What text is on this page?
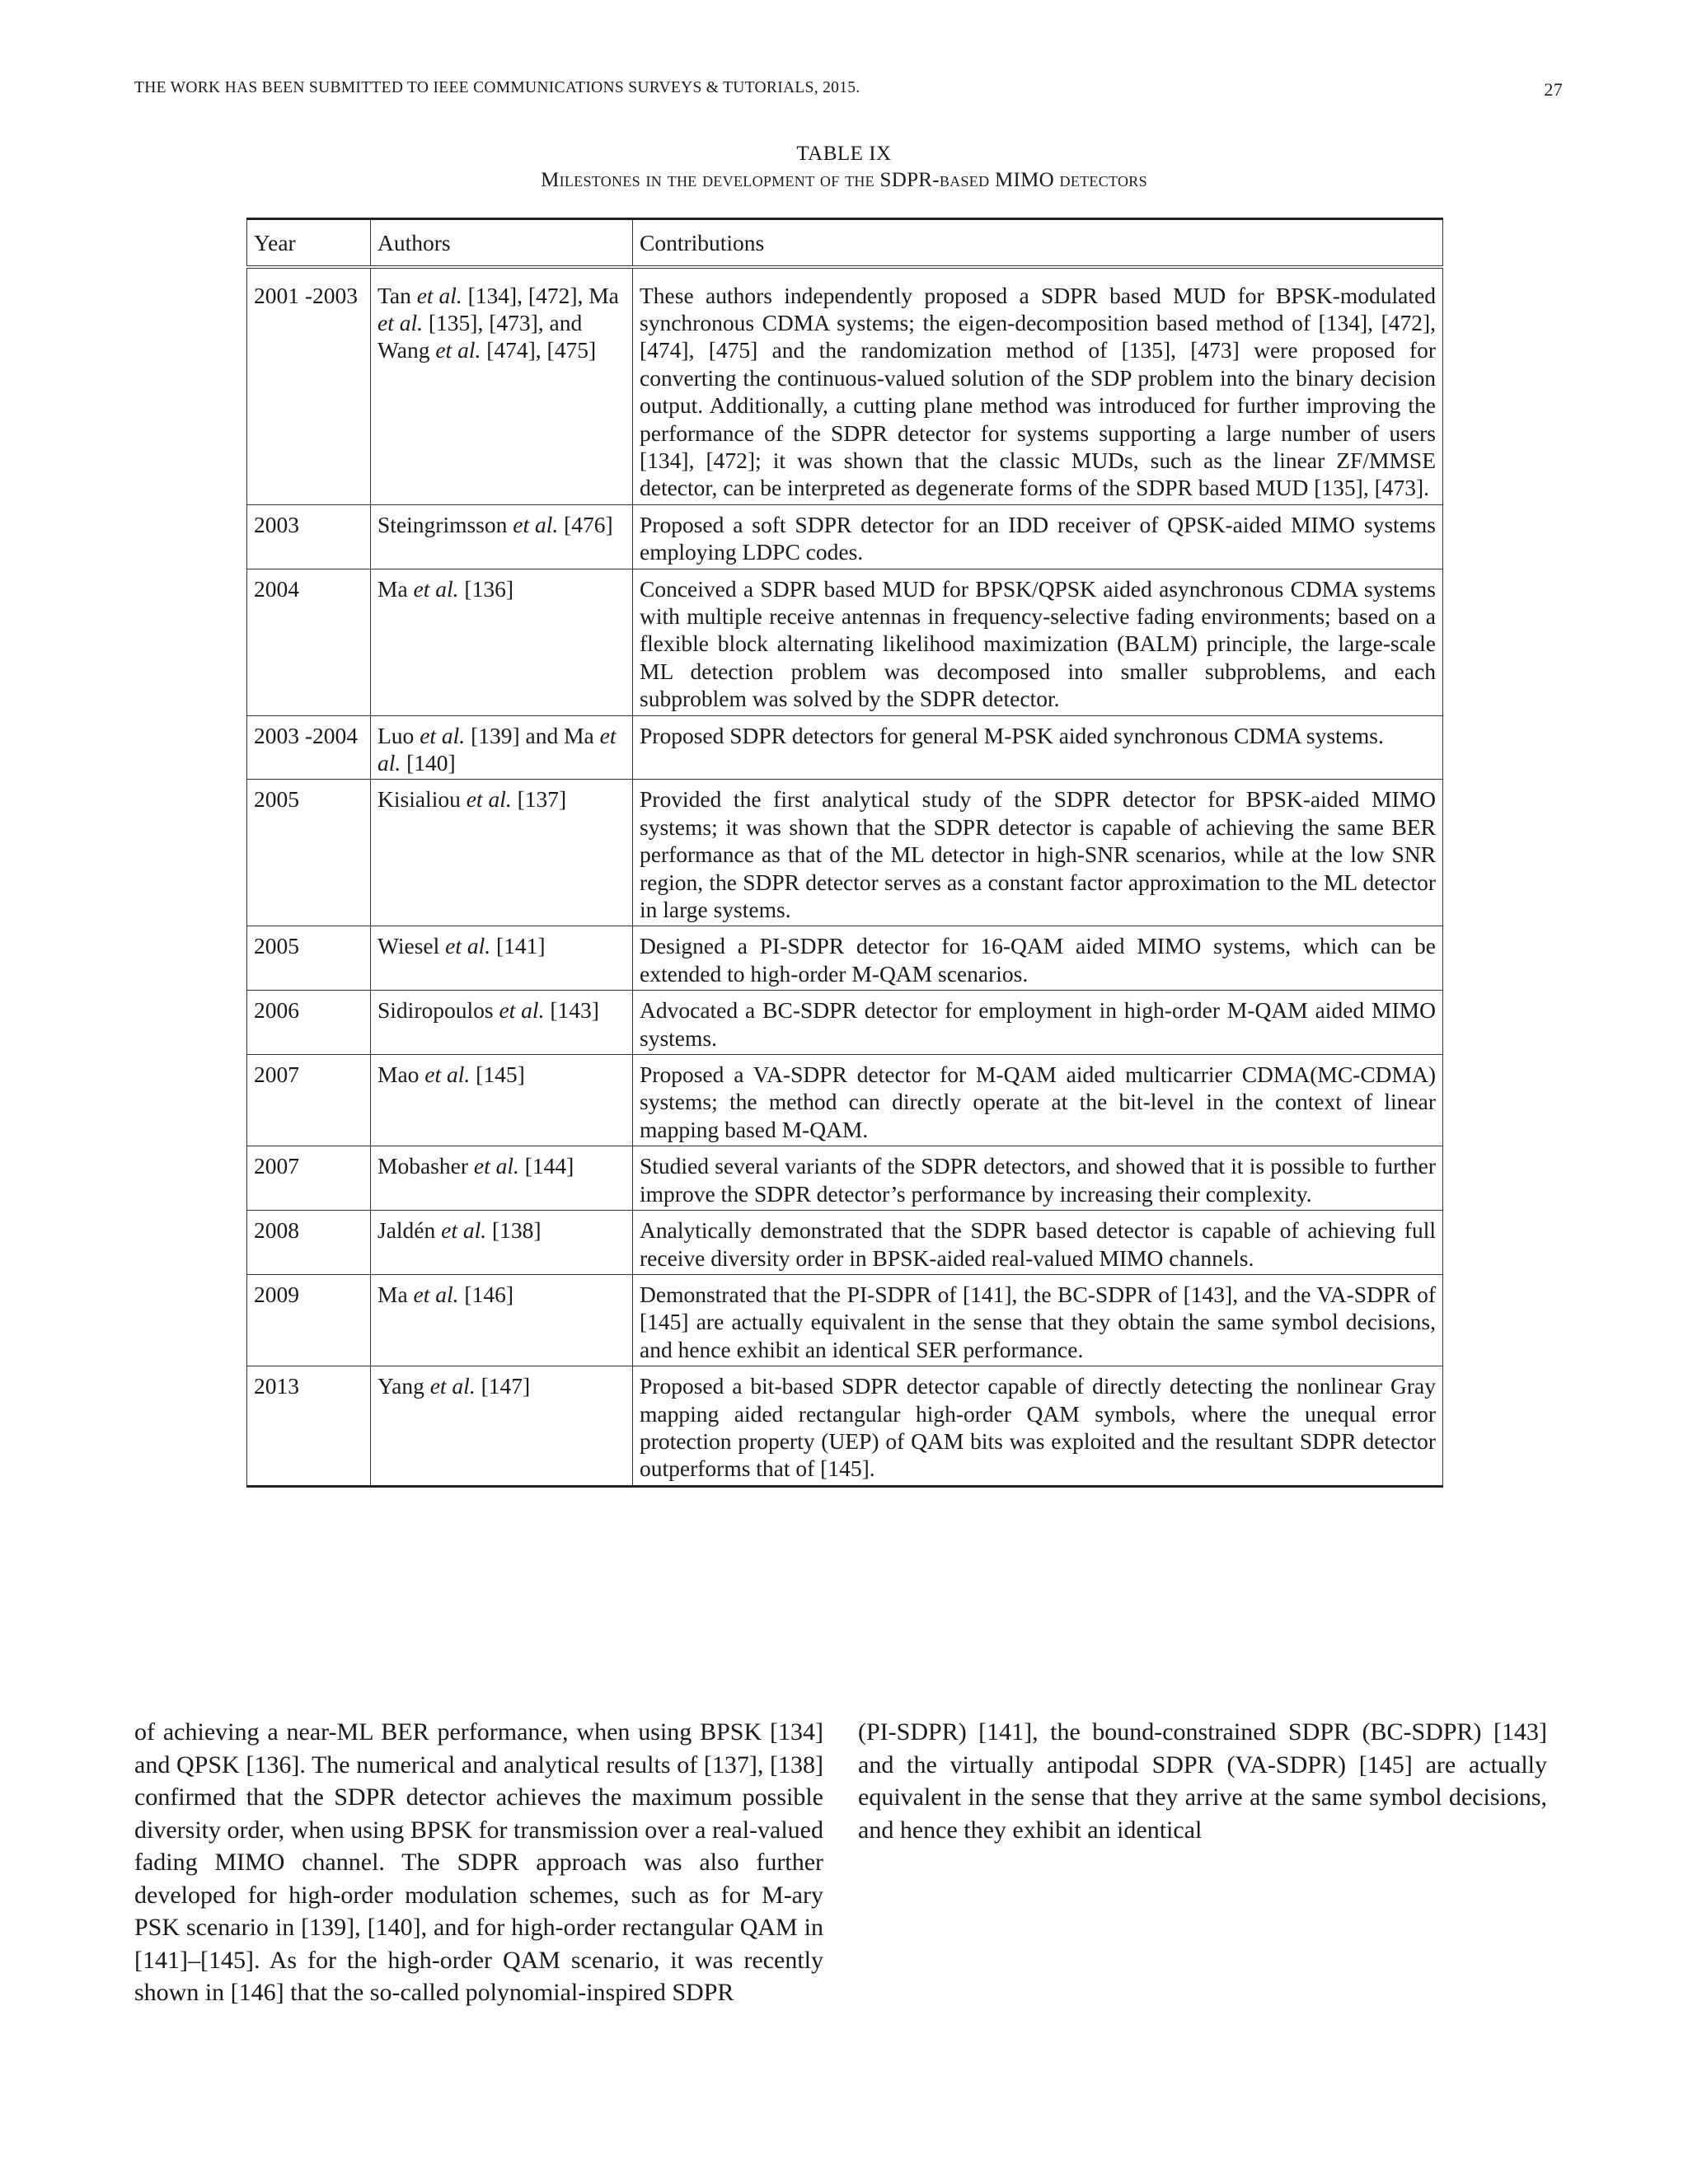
THE WORK HAS BEEN SUBMITTED TO IEEE COMMUNICATIONS SURVEYS & TUTORIALS, 2015.	27
TABLE IX
Milestones in the development of the SDPR-based MIMO detectors
Year	Authors	Contributions
2001 -2003	Tan et al. [134], [472], Ma et al. [135], [473], and Wang et al. [474], [475]	These authors independently proposed a SDPR based MUD for BPSK-modulated synchronous CDMA systems; the eigen-decomposition based method of [134], [472], [474], [475] and the randomization method of [135], [473] were proposed for converting the continuous-valued solution of the SDP problem into the binary decision output. Additionally, a cutting plane method was introduced for further improving the performance of the SDPR detector for systems supporting a large number of users [134], [472]; it was shown that the classic MUDs, such as the linear ZF/MMSE detector, can be interpreted as degenerate forms of the SDPR based MUD [135], [473].
2003	Steingrimsson et al. [476]	Proposed a soft SDPR detector for an IDD receiver of QPSK-aided MIMO systems employing LDPC codes.
2004	Ma et al. [136]	Conceived a SDPR based MUD for BPSK/QPSK aided asynchronous CDMA systems with multiple receive antennas in frequency-selective fading environments; based on a flexible block alternating likelihood maximization (BALM) principle, the large-scale ML detection problem was decomposed into smaller subproblems, and each subproblem was solved by the SDPR detector.
2003 -2004	Luo et al. [139] and Ma et al. [140]	Proposed SDPR detectors for general M-PSK aided synchronous CDMA systems.
2005	Kisialiou et al. [137]	Provided the first analytical study of the SDPR detector for BPSK-aided MIMO systems; it was shown that the SDPR detector is capable of achieving the same BER performance as that of the ML detector in high-SNR scenarios, while at the low SNR region, the SDPR detector serves as a constant factor approximation to the ML detector in large systems.
2005	Wiesel et al. [141]	Designed a PI-SDPR detector for 16-QAM aided MIMO systems, which can be extended to high-order M-QAM scenarios.
2006	Sidiropoulos et al. [143]	Advocated a BC-SDPR detector for employment in high-order M-QAM aided MIMO systems.
2007	Mao et al. [145]	Proposed a VA-SDPR detector for M-QAM aided multicarrier CDMA(MC-CDMA) systems; the method can directly operate at the bit-level in the context of linear mapping based M-QAM.
2007	Mobasher et al. [144]	Studied several variants of the SDPR detectors, and showed that it is possible to further improve the SDPR detector’s performance by increasing their complexity.
2008	Jaldén et al. [138]	Analytically demonstrated that the SDPR based detector is capable of achieving full receive diversity order in BPSK-aided real-valued MIMO channels.
2009	Ma et al. [146]	Demonstrated that the PI-SDPR of [141], the BC-SDPR of [143], and the VA-SDPR of [145] are actually equivalent in the sense that they obtain the same symbol decisions, and hence exhibit an identical SER performance.
2013	Yang et al. [147]	Proposed a bit-based SDPR detector capable of directly detecting the nonlinear Gray mapping aided rectangular high-order QAM symbols, where the unequal error protection property (UEP) of QAM bits was exploited and the resultant SDPR detector outperforms that of [145].

of achieving a near-ML BER performance, when using BPSK [134] and QPSK [136]. The numerical and analytical results of [137], [138] confirmed that the SDPR detector achieves the maximum possible diversity order, when using BPSK for transmission over a real-valued fading MIMO channel. The SDPR approach was also further developed for high-order modulation schemes, such as for M-ary PSK scenario in [139], [140], and for high-order rectangular QAM in [141]–[145]. As for the high-order QAM scenario, it was recently shown in [146] that the so-called polynomial-inspired SDPR

(PI-SDPR) [141], the bound-constrained SDPR (BC-SDPR) [143] and the virtually antipodal SDPR (VA-SDPR) [145] are actually equivalent in the sense that they arrive at the same symbol decisions, and hence they exhibit an identical
